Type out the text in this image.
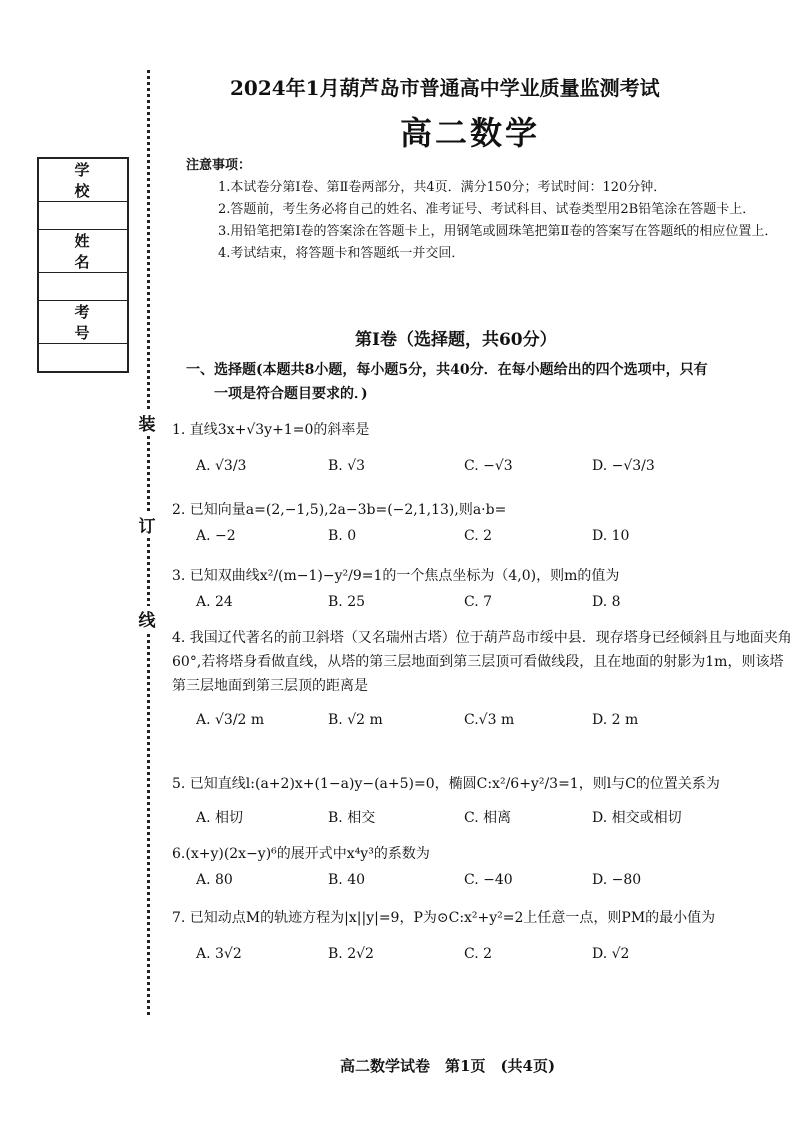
装
订
线
学 校

姓 名

考 号

2024年1月葫芦岛市普通高中学业质量监测考试
高二数学
注意事项：
1.本试卷分第Ⅰ卷、第Ⅱ卷两部分，共4页．满分150分；考试时间：120分钟．
2.答题前，考生务必将自己的姓名、准考证号、考试科目、试卷类型用2B铅笔涂在答题卡上．
3.用铅笔把第Ⅰ卷的答案涂在答题卡上，用钢笔或圆珠笔把第Ⅱ卷的答案写在答题纸的相应位置上．
4.考试结束，将答题卡和答题纸一并交回．
第Ⅰ卷（选择题，共60分）
一、选择题(本题共8小题，每小题5分，共40分．在每小题给出的四个选项中，只有
一项是符合题目要求的．)
1. 直线3x+√3y+1=0的斜率是
A. √3/3	B. √3	C. −√3	D. −√3/3
2. 已知向量a=(2,−1,5),2a−3b=(−2,1,13),则a·b=
A. −2	B. 0	C. 2	D. 10
3. 已知双曲线x²/(m−1)−y²/9=1的一个焦点坐标为（4,0)，则m的值为
A. 24	B. 25	C. 7	D. 8
4. 我国辽代著名的前卫斜塔（又名瑞州古塔）位于葫芦岛市绥中县．现存塔身已经倾斜且与地面夹角60°,若将塔身看做直线，从塔的第三层地面到第三层顶可看做线段，且在地面的射影为1m，则该塔第三层地面到第三层顶的距离是
A. √3/2 m	B. √2 m	C.√3 m	D. 2 m
5. 已知直线l:(a+2)x+(1−a)y−(a+5)=0，椭圆C:x²/6+y²/3=1，则l与C的位置关系为
A. 相切	B. 相交	C. 相离	D. 相交或相切
6.(x+y)(2x−y)⁶的展开式中x⁴y³的系数为
A. 80	B. 40	C. −40	D. −80
7. 已知动点M的轨迹方程为|x||y|=9，P为⊙C:x²+y²=2上任意一点，则PM的最小值为
A. 3√2	B. 2√2	C. 2	D. √2
高二数学试卷　第1页　(共4页)
